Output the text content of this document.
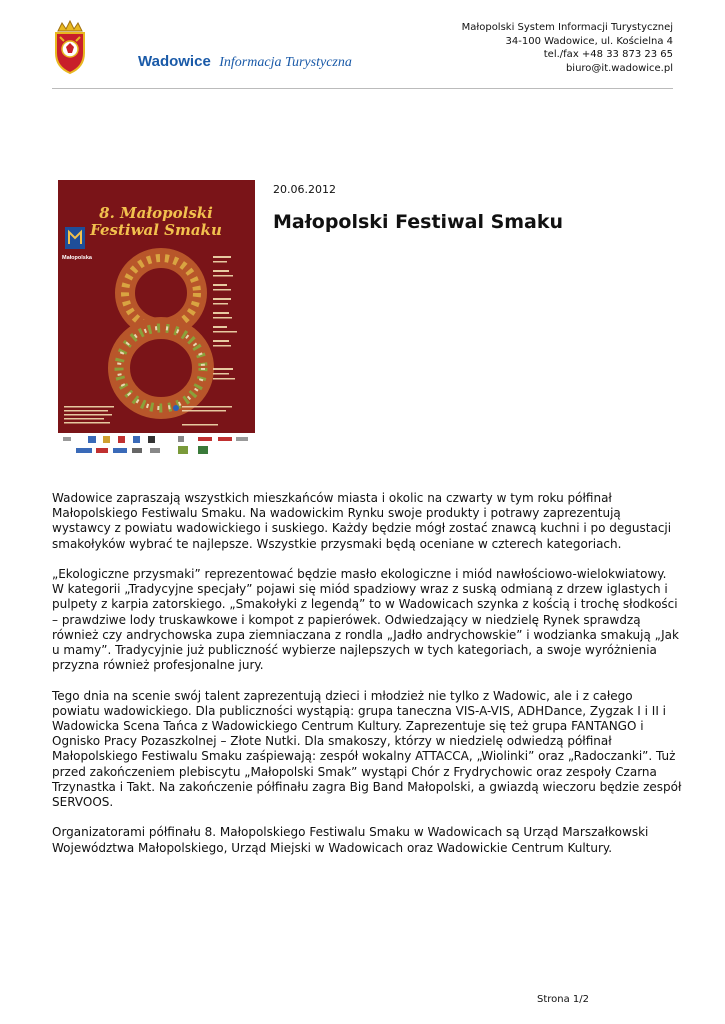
Wadowice Informacja Turystyczna
Małopolski System Informacji Turystycznej
34-100 Wadowice, ul. Kościelna 4
tel./fax +48 33 873 23 65
biuro@it.wadowice.pl
8. Małopolski
Festiwal Smaku
Małopolska
20.06.2012
Małopolski Festiwal Smaku

Wadowice zapraszają wszystkich mieszkańców miasta i okolic na czwarty w tym roku półfinał Małopolskiego Festiwalu Smaku. Na wadowickim Rynku swoje produkty i potrawy zaprezentują wystawcy z powiatu wadowickiego i suskiego. Każdy będzie mógł zostać znawcą kuchni i po degustacji smakołyków wybrać te najlepsze. Wszystkie przysmaki będą oceniane w czterech kategoriach.

„Ekologiczne przysmaki” reprezentować będzie masło ekologiczne i miód nawłościowo-wielokwiatowy. W kategorii „Tradycyjne specjały” pojawi się miód spadziowy wraz z suską odmianą z drzew iglastych i pulpety z karpia zatorskiego. „Smakołyki z legendą” to w Wadowicach szynka z kością i trochę słodkości – prawdziwe lody truskawkowe i kompot z papierówek. Odwiedzający w niedzielę Rynek sprawdzą również czy andrychowska zupa ziemniaczana z rondla „Jadło andrychowskie” i wodzianka smakują „Jak u mamy”. Tradycyjnie już publiczność wybierze najlepszych w tych kategoriach, a swoje wyróżnienia przyzna również profesjonalne jury.

Tego dnia na scenie swój talent zaprezentują dzieci i młodzież nie tylko z Wadowic, ale i z całego powiatu wadowickiego. Dla publiczności wystąpią: grupa taneczna VIS-A-VIS, ADHDance, Zygzak I i II i Wadowicka Scena Tańca z Wadowickiego Centrum Kultury. Zaprezentuje się też grupa FANTANGO i Ognisko Pracy Pozaszkolnej – Złote Nutki. Dla smakoszy, którzy w niedzielę odwiedzą półfinał Małopolskiego Festiwalu Smaku zaśpiewają: zespół wokalny ATTACCA, „Wiolinki” oraz „Radoczanki”. Tuż przed zakończeniem plebiscytu „Małopolski Smak” wystąpi Chór z Frydrychowic oraz zespoły Czarna Trzynastka i Takt. Na zakończenie półfinału zagra Big Band Małopolski, a gwiazdą wieczoru będzie zespół SERVOOS.

Organizatorami półfinału 8. Małopolskiego Festiwalu Smaku w Wadowicach są Urząd Marszałkowski Województwa Małopolskiego, Urząd Miejski w Wadowicach oraz Wadowickie Centrum Kultury.

Strona 1/2
